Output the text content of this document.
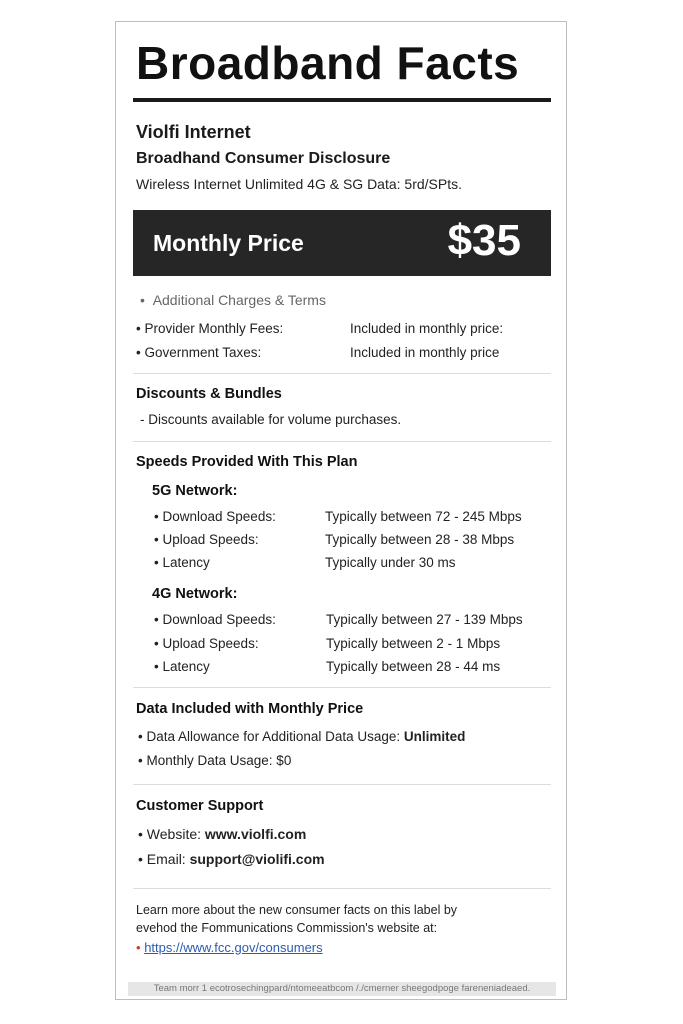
Broadband Facts
Violfi Internet
Broadhand Consumer Disclosure
Wireless Internet Unlimited 4G & SG Data: 5rd/SPts.
Monthly Price	$35
• Additional Charges & Terms
• Provider Monthly Fees:	Included in monthly price:
• Government Taxes:	Included in monthly price
Discounts & Bundles
- Discounts available for volume purchases.
Speeds Provided With This Plan
5G Network:
• Download Speeds:	Typically between 72 - 245 Mbps
• Upload Speeds:	Typically between 28 - 38 Mbps
• Latency	Typically under 30 ms
4G Network:
• Download Speeds:	Typically between 27 - 139 Mbps
• Upload Speeds:	Typically between 2 - 1 Mbps
• Latency	Typically between 28 - 44 ms
Data Included with Monthly Price
• Data Allowance for Additional Data Usage: Unlimited
• Monthly Data Usage: $0
Customer Support
• Website: www.violfi.com
• Email: support@violifi.com
Learn more about the new consumer facts on this label by
evehod the Fommunications Commission's website at:
• https://www.fcc.gov/consumers
Team morr 1 ecotrosechingpard/ntomeeatbcom /./cmerner sheegodpoge fareneniadeaed.
